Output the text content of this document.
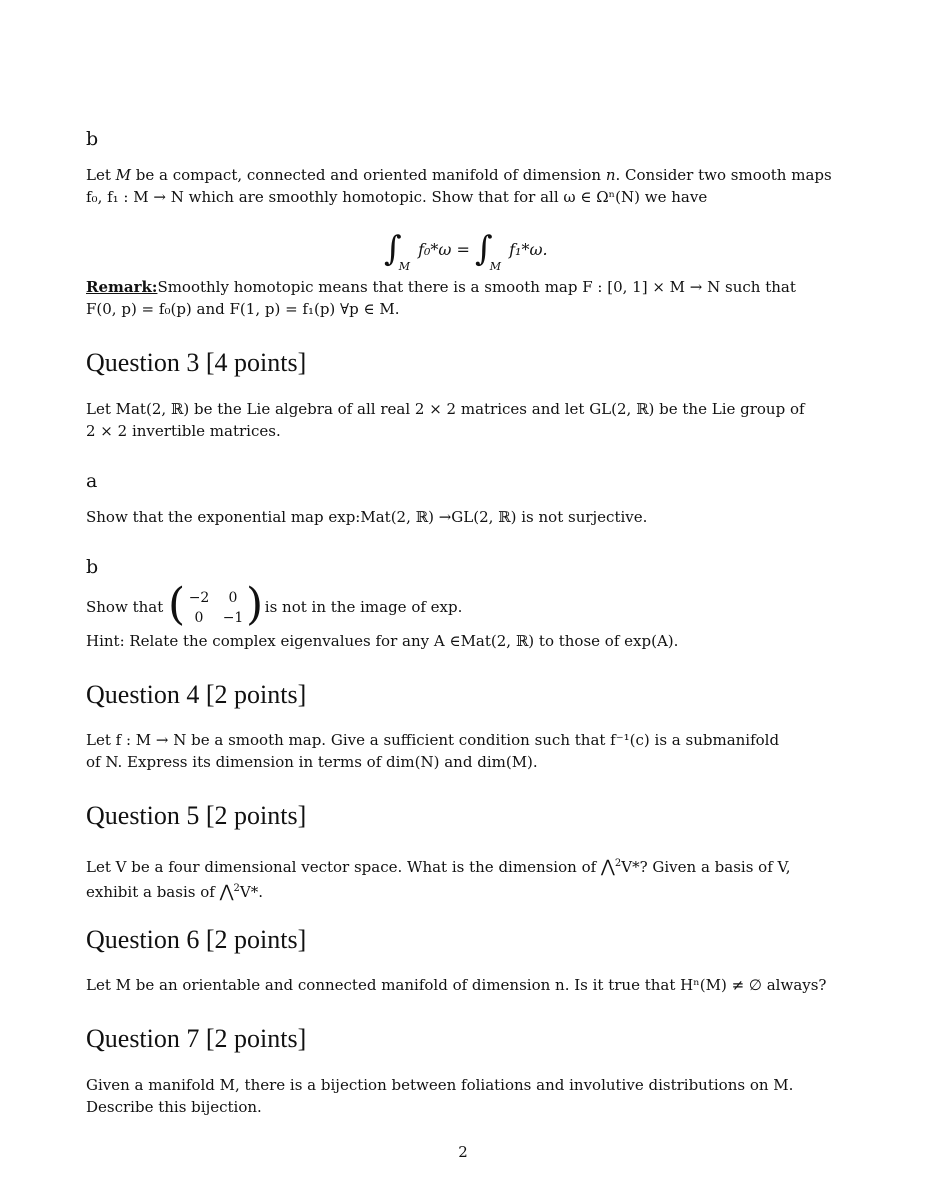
b
Let M be a compact, connected and oriented manifold of dimension n. Consider two smooth maps
f₀, f₁ : M → N which are smoothly homotopic. Show that for all ω ∈ Ωⁿ(N) we have
$\int_M$ $f_0*\omega = \int_M$ f₁*ω.
Remark:Smoothly homotopic means that there is a smooth map F : [0, 1] × M → N such that
F(0, p) = f₀(p) and F(1, p) = f₁(p) ∀p ∈ M.
Question 3 [4 points]
Let Mat(2, ℝ) be the Lie algebra of all real 2 × 2 matrices and let GL(2, ℝ) be the Lie group of
2 × 2 invertible matrices.
a
Show that the exponential map exp:Mat(2, ℝ) →GL(2, ℝ) is not surjective.
b
Show that ( −2	0
0	−1 ) is not in the image of exp.
Hint: Relate the complex eigenvalues for any A ∈Mat(2, ℝ) to those of exp(A).
Question 4 [2 points]
Let f : M → N be a smooth map. Give a sufficient condition such that f⁻¹(c) is a submanifold
of N. Express its dimension in terms of dim(N) and dim(M).
Question 5 [2 points]
Let V be a four dimensional vector space. What is the dimension of ⋀$^2$V*? Given a basis of V,
exhibit a basis of ⋀$^2$V*.
Question 6 [2 points]
Let M be an orientable and connected manifold of dimension n. Is it true that Hⁿ(M) ≠ ∅ always?
Question 7 [2 points]
Given a manifold M, there is a bijection between foliations and involutive distributions on M.
Describe this bijection.
2
